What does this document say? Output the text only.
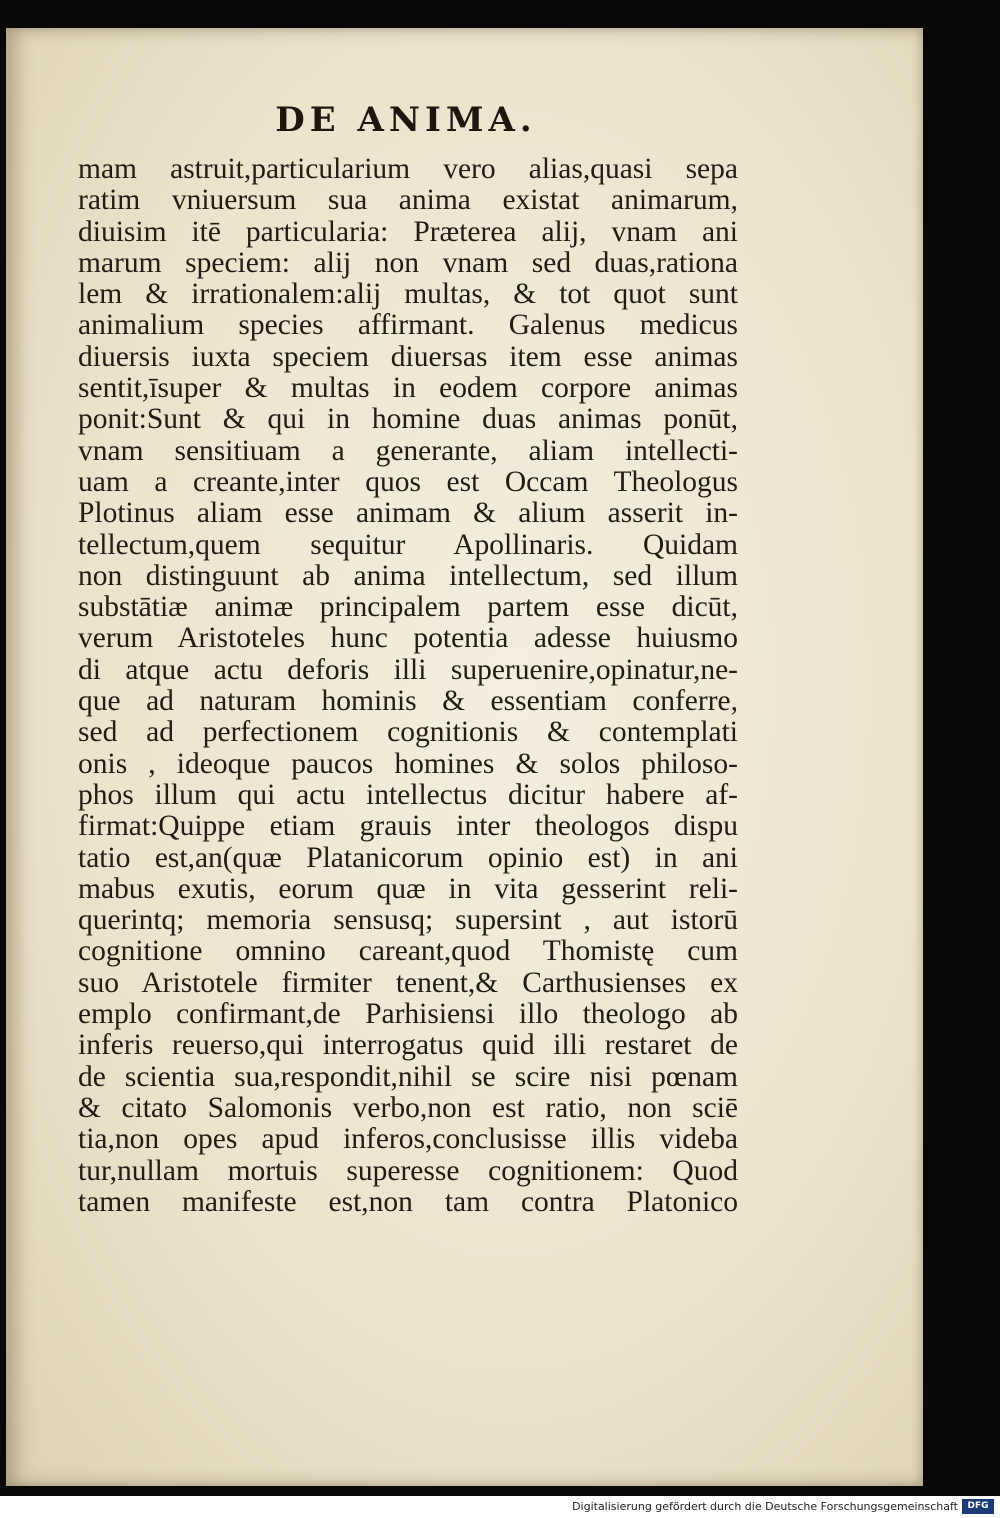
DE ANIMA.
mam astruit,particularium vero alias,quasi sepa
ratim vniuersum sua anima existat animarum,
diuisim itē particularia: Præterea alij, vnam ani
marum speciem: alij non vnam sed duas,rationa
lem & irrationalem:alij multas, & tot quot sunt
animalium species affirmant. Galenus medicus
diuersis iuxta speciem diuersas item esse animas
sentit,īsuper & multas in eodem corpore animas
ponit:Sunt & qui in homine duas animas ponūt,
vnam sensitiuam a generante, aliam intellecti-
uam a creante,inter quos est Occam Theologus
Plotinus aliam esse animam & alium asserit in-
tellectum,quem sequitur Apollinaris. Quidam
non distinguunt ab anima intellectum, sed illum
substātiæ animæ principalem partem esse dicūt,
verum Aristoteles hunc potentia adesse huiusmo
di atque actu deforis illi superuenire,opinatur,ne-
que ad naturam hominis & essentiam conferre,
sed ad perfectionem cognitionis & contemplati
onis , ideoque paucos homines & solos philoso-
phos illum qui actu intellectus dicitur habere af-
firmat:Quippe etiam grauis inter theologos dispu
tatio est,an(quæ Platanicorum opinio est) in ani
mabus exutis, eorum quæ in vita gesserint reli-
querintq; memoria sensusq; supersint , aut istorū
cognitione omnino careant,quod Thomistę cum
suo Aristotele firmiter tenent,& Carthusienses ex
emplo confirmant,de Parhisiensi illo theologo ab
inferis reuerso,qui interrogatus quid illi restaret de
de scientia sua,respondit,nihil se scire nisi pœnam
& citato Salomonis verbo,non est ratio, non sciē
tia,non opes apud inferos,conclusisse illis videba
tur,nullam mortuis superesse cognitionem: Quod
tamen manifeste est,non tam contra Platonico
Digitalisierung gefördert durch die Deutsche Forschungsgemeinschaft	DFG
